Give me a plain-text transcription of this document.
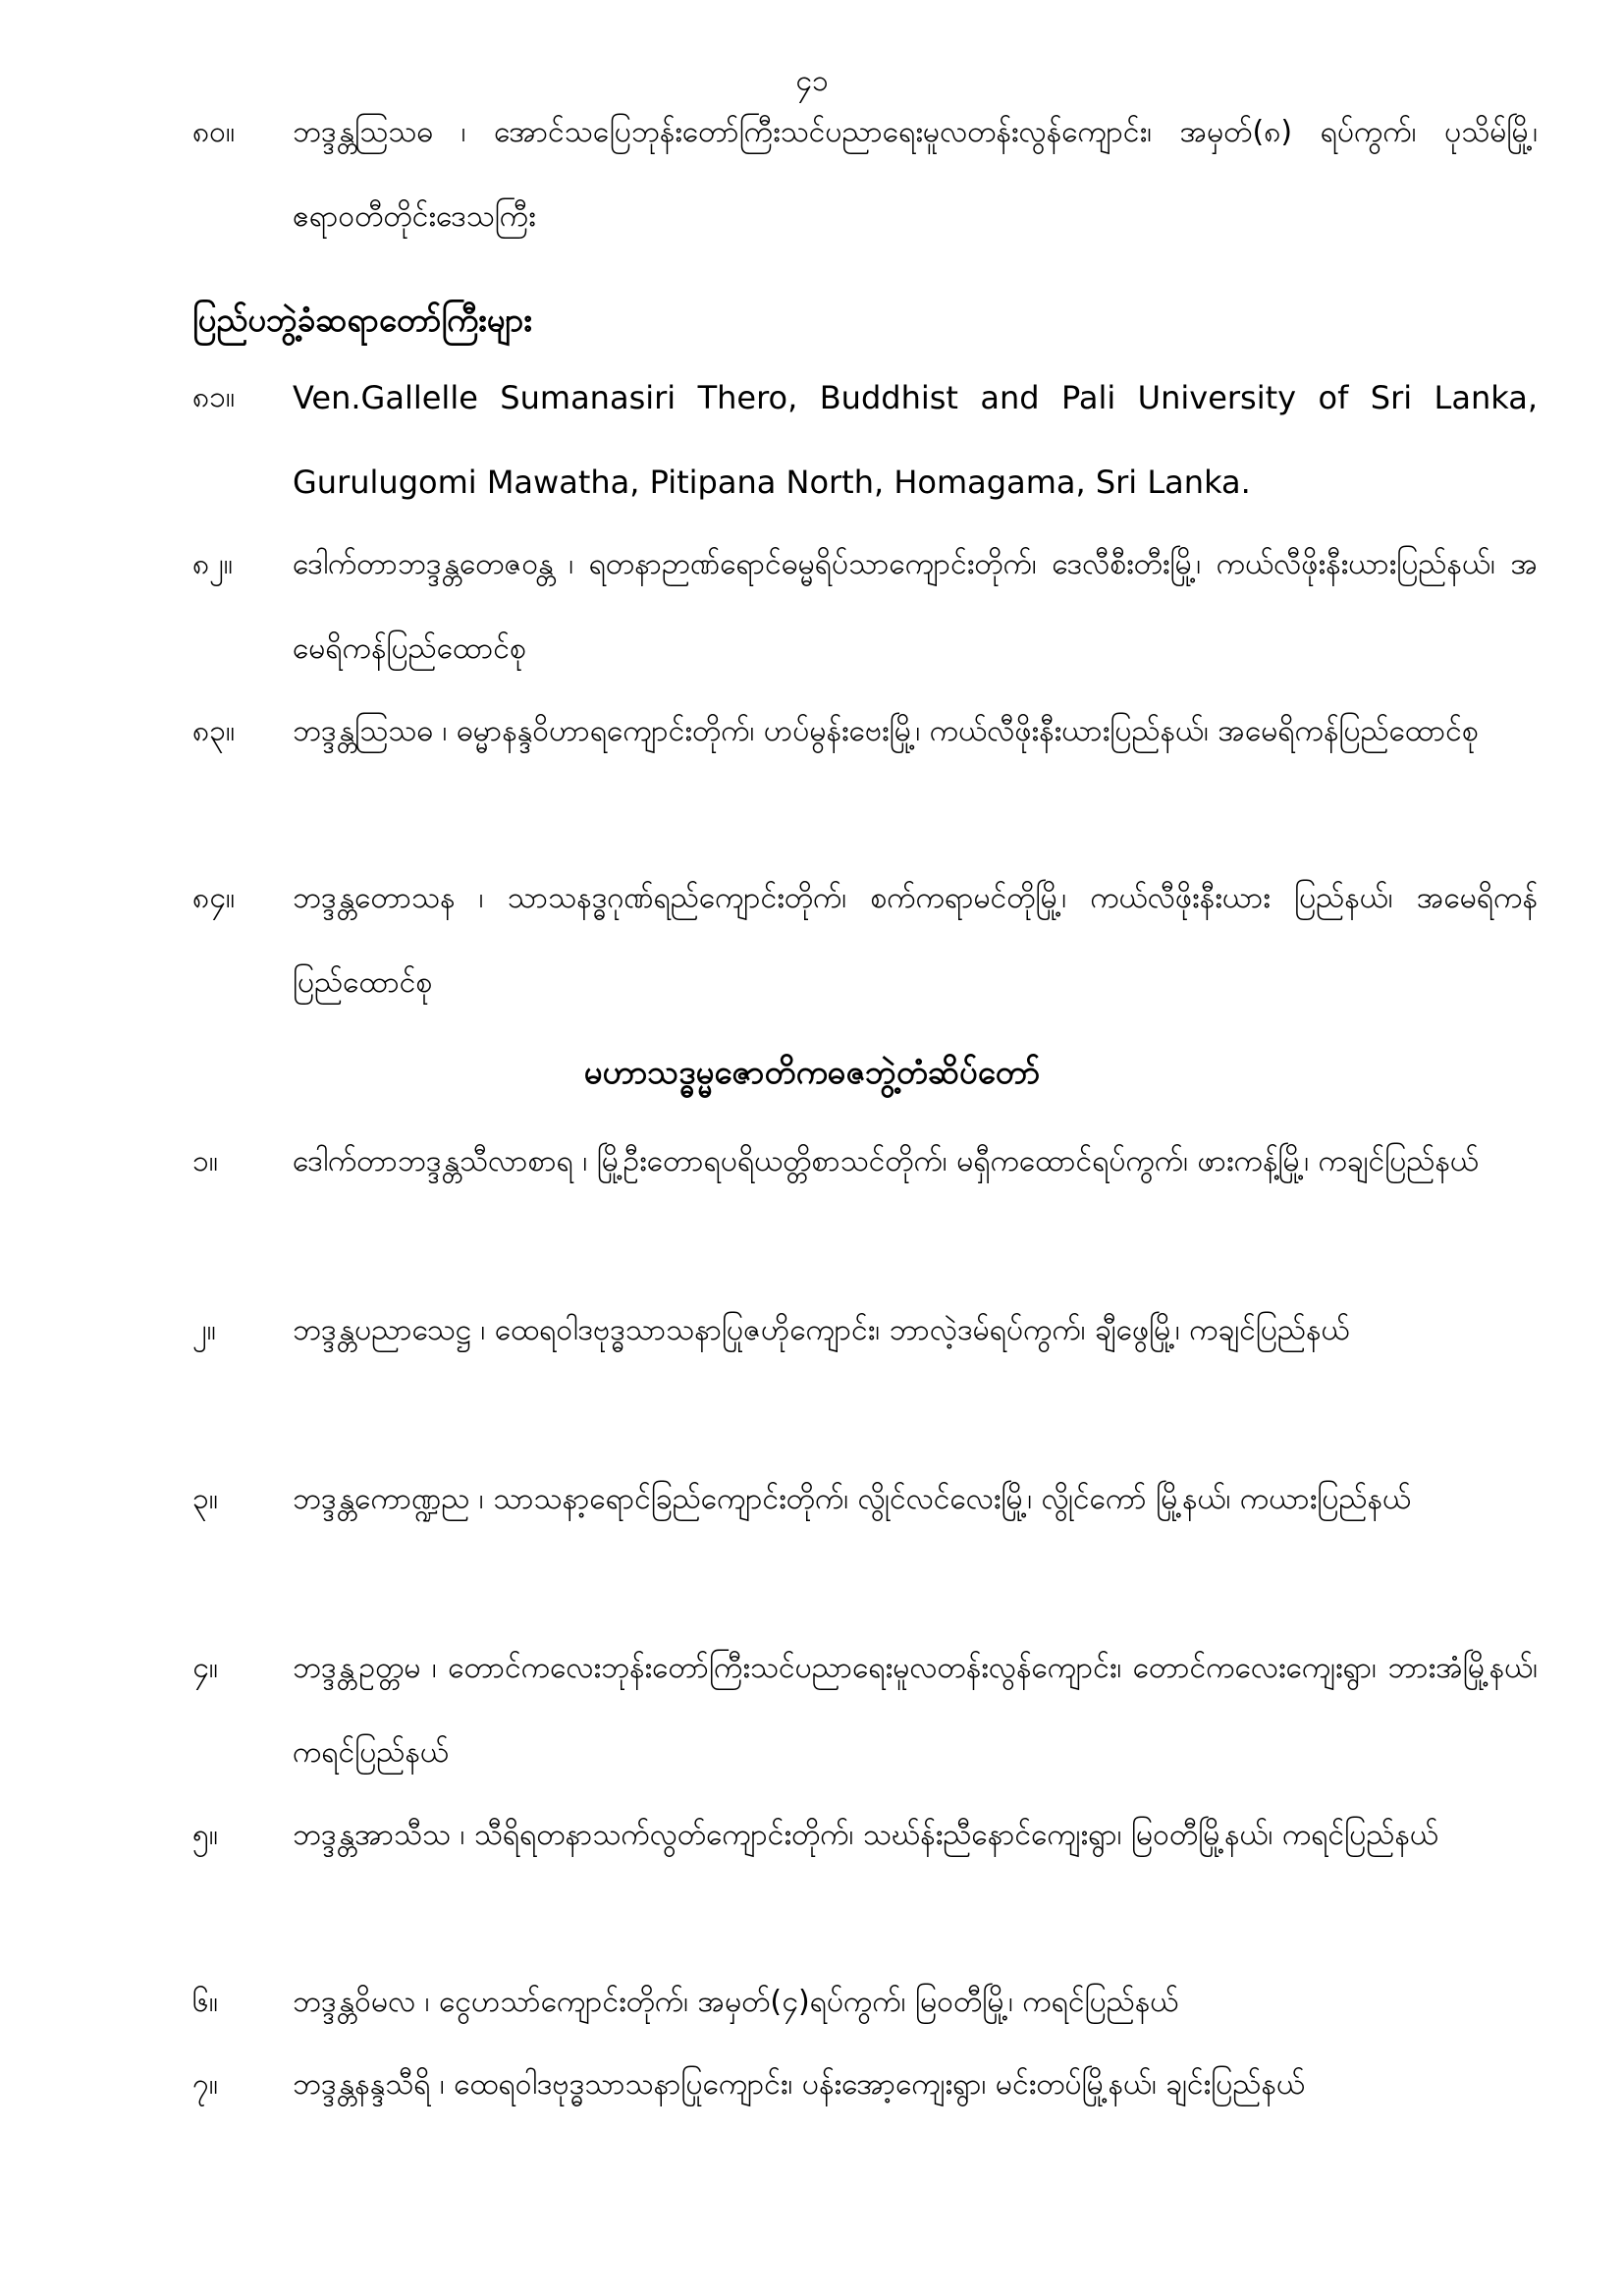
၄၁
၈၀။	ဘဒ္ဒန္တသြသဓ ၊ အောင်သပြေဘုန်းတော်ကြီးသင်ပညာရေးမူလတန်းလွန်ကျောင်း၊ အမှတ်(၈) ရပ်ကွက်၊ ပုသိမ်မြို့၊ ဧရာဝတီတိုင်းဒေသကြီး
ပြည်ပဘွဲ့ခံဆရာတော်ကြီးများ
၈၁။	Ven.Gallelle Sumanasiri Thero, Buddhist and Pali University of Sri Lanka, Gurulugomi Mawatha, Pitipana North, Homagama, Sri Lanka.
၈၂။	ဒေါက်တာဘဒ္ဒန္တတေဇဝန္တ ၊ ရတနာဉာဏ်ရောင်ဓမ္မရိပ်သာကျောင်းတိုက်၊ ဒေလီစီးတီးမြို့၊ ကယ်လီဖိုးနီးယားပြည်နယ်၊ အမေရိကန်ပြည်ထောင်စု
၈၃။	ဘဒ္ဒန္တသြသဓ ၊ ဓမ္မာနန္ဒဝိဟာရကျောင်းတိုက်၊ ဟပ်မွန်းဗေးမြို့၊ ကယ်လီဖိုးနီးယားပြည်နယ်၊ အမေရိကန်ပြည်ထောင်စု
၈၄။	ဘဒ္ဒန္တတောသန ၊ သာသနဒ္ဓဂုဏ်ရည်ကျောင်းတိုက်၊ စက်ကရာမင်တိုမြို့၊ ကယ်လီဖိုးနီးယား ပြည်နယ်၊ အမေရိကန်ပြည်ထောင်စု
မဟာသဒ္ဓမ္မဇောတိကဓဇဘွဲ့တံဆိပ်တော်
၁။	ဒေါက်တာဘဒ္ဒန္တသီလာစာရ ၊ မြို့ဦးတောရပရိယတ္တိစာသင်တိုက်၊ မရှီကထောင်ရပ်ကွက်၊ ဖားကန့်မြို့၊ ကချင်ပြည်နယ်
၂။	ဘဒ္ဒန္တပညာသေဋ္ဌ ၊ ထေရဝါဒဗုဒ္ဓသာသနာပြုဇဟိုကျောင်း၊ ဘာလဲ့ဒမ်ရပ်ကွက်၊ ချီဖွေမြို့၊ ကချင်ပြည်နယ်
၃။	ဘဒ္ဒန္တကောဏ္ဍည ၊ သာသနာ့ရောင်ခြည်ကျောင်းတိုက်၊ လွိုင်လင်လေးမြို့၊ လွိုင်ကော် မြို့နယ်၊ ကယားပြည်နယ်
၄။	ဘဒ္ဒန္တဥတ္တမ ၊ တောင်ကလေးဘုန်းတော်ကြီးသင်ပညာရေးမူလတန်းလွန်ကျောင်း၊ တောင်ကလေးကျေးရွာ၊ ဘားအံမြို့နယ်၊ ကရင်ပြည်နယ်
၅။	ဘဒ္ဒန္တအာသီသ ၊ သီရိရတနာသက်လွတ်ကျောင်းတိုက်၊ သဃ်န်းညီနောင်ကျေးရွာ၊ မြဝတီမြို့နယ်၊ ကရင်ပြည်နယ်
၆။	ဘဒ္ဒန္တဝိမလ ၊ ငွေဟသာ်ကျောင်းတိုက်၊ အမှတ်(၄)ရပ်ကွက်၊ မြဝတီမြို့၊ ကရင်ပြည်နယ်
၇။	ဘဒ္ဒန္တနန္ဒသီရိ ၊ ထေရဝါဒဗုဒ္ဓသာသနာပြုကျောင်း၊ ပန်းအော့ကျေးရွာ၊ မင်းတပ်မြို့နယ်၊ ချင်းပြည်နယ်
